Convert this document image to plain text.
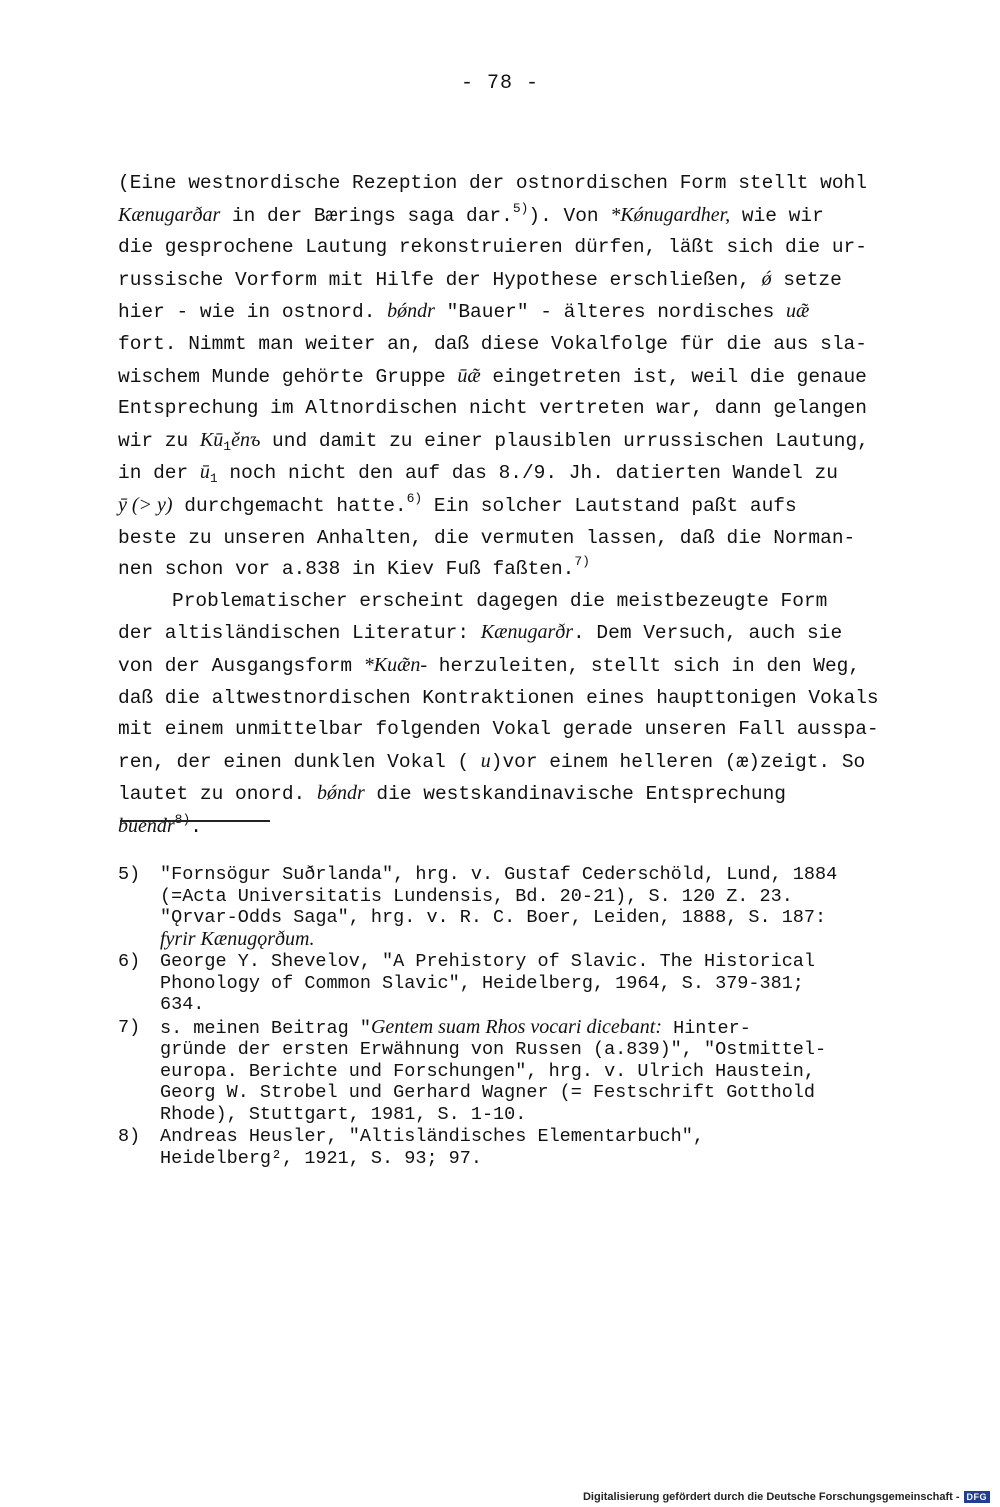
- 78 -
(Eine westnordische Rezeption der ostnordischen Form stellt wohl
Kænugarðar in der Bærings saga dar.$^{5)}$). Von *Kǿnugardher, wie wir
die gesprochene Lautung rekonstruieren dürfen, läßt sich die ur-
russische Vorform mit Hilfe der Hypothese erschließen, ǿ setze
hier - wie in ostnord. bǿndr "Bauer" - älteres nordisches uæ̃
fort. Nimmt man weiter an, daß diese Vokalfolge für die aus sla-
wischem Munde gehörte Gruppe ūæ̃ eingetreten ist, weil die genaue
Entsprechung im Altnordischen nicht vertreten war, dann gelangen
wir zu $Kū_1ěnъ$ und damit zu einer plausiblen urrussischen Lautung,
in der $ū_1$ noch nicht den auf das 8./9. Jh. datierten Wandel zu
ӯ (> y) durchgemacht hatte.$^{6)}$ Ein solcher Lautstand paßt aufs
beste zu unseren Anhalten, die vermuten lassen, daß die Norman-
nen schon vor a.838 in Kiev Fuß faßten.$^{7)}$
Problematischer erscheint dagegen die meistbezeugte Form
der altisländischen Literatur: Kænugarðr. Dem Versuch, auch sie
von der Ausgangsform *Kuæ̃n- herzuleiten, stellt sich in den Weg,
daß die altwestnordischen Kontraktionen eines haupttonigen Vokals
mit einem unmittelbar folgenden Vokal gerade unseren Fall ausspa-
ren, der einen dunklen Vokal ( u)vor einem helleren (æ)zeigt. So
lautet zu onord. bǿndr die westskandinavische Entsprechung
buendr$^{8)}$.
5) "Fornsögur Suðrlanda", hrg. v. Gustaf Cederschöld, Lund, 1884
(=Acta Universitatis Lundensis, Bd. 20-21), S. 120 Z. 23.
"Ǫrvar-Odds Saga", hrg. v. R. C. Boer, Leiden, 1888, S. 187:
fyrir Kænugǫrðum.
6) George Y. Shevelov, "A Prehistory of Slavic. The Historical
Phonology of Common Slavic", Heidelberg, 1964, S. 379-381;
634.
7) s. meinen Beitrag "Gentem suam Rhos vocari dicebant: Hinter-
gründe der ersten Erwähnung von Russen (a.839)", "Ostmittel-
europa. Berichte und Forschungen", hrg. v. Ulrich Haustein,
Georg W. Strobel und Gerhard Wagner (= Festschrift Gotthold
Rhode), Stuttgart, 1981, S. 1-10.
8) Andreas Heusler, "Altisländisches Elementarbuch",
Heidelberg², 1921, S. 93; 97.
Digitalisierung gefördert durch die Deutsche Forschungsgemeinschaft - DFG
